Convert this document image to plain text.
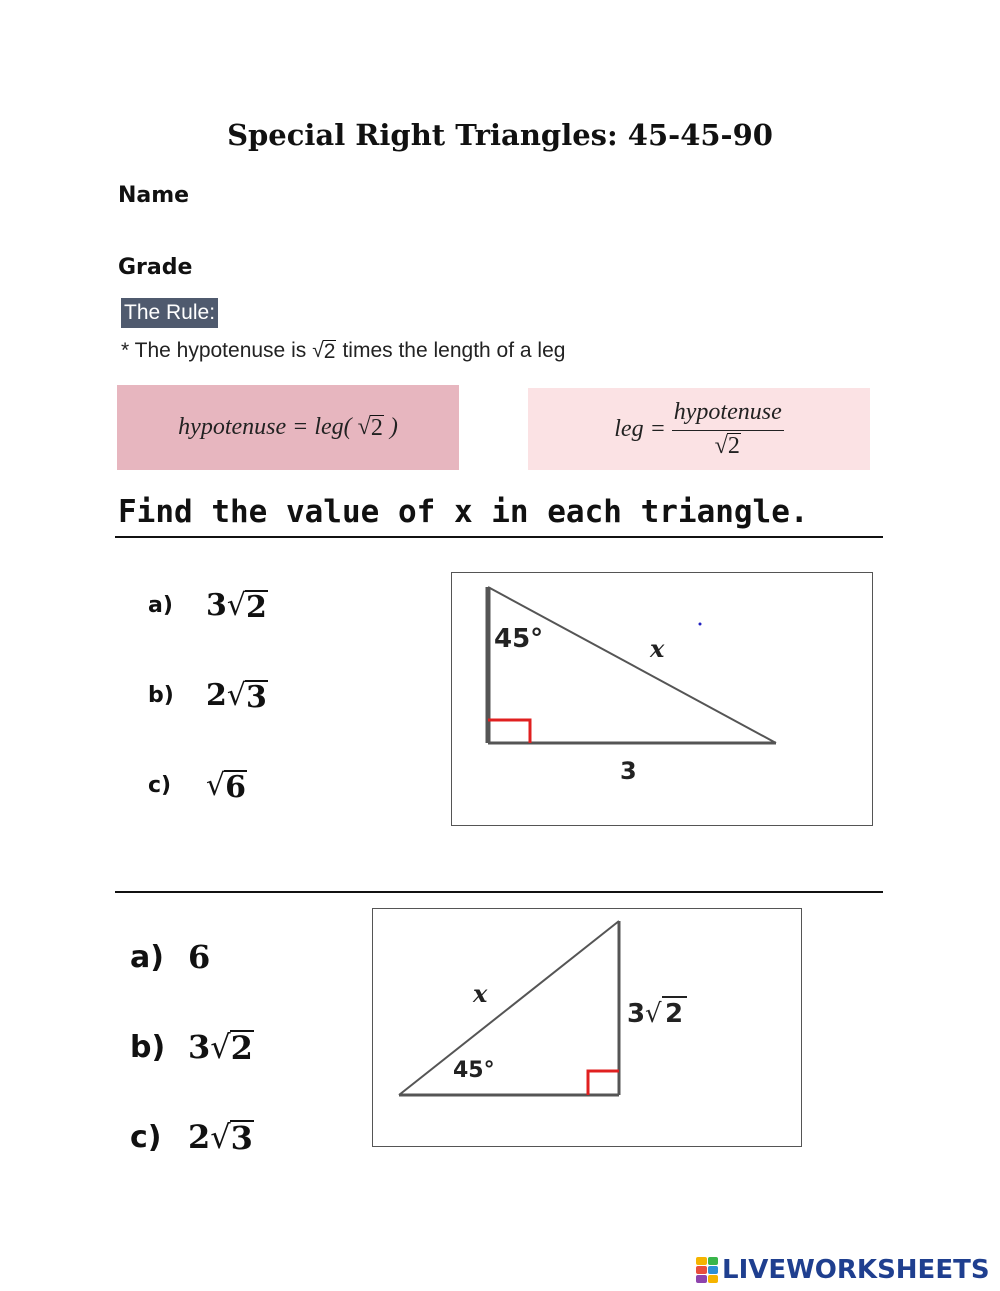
Special Right Triangles: 45-45-90
Name
Grade
The Rule:
* The hypotenuse is √ 2 times the length of a leg
hypotenuse = leg( √ 2 )	leg = $\frac{\text{hypotenuse}}{√ 2}$
Find the value of x in each triangle.
a)	3 √ 2
b)	2 √ 3
c)	√ 6
45°	x
3
a) 6
b) 3 √ 2
c) 2 √ 3
x
45°
3 √ 2
LIVEWORKSHEETS
